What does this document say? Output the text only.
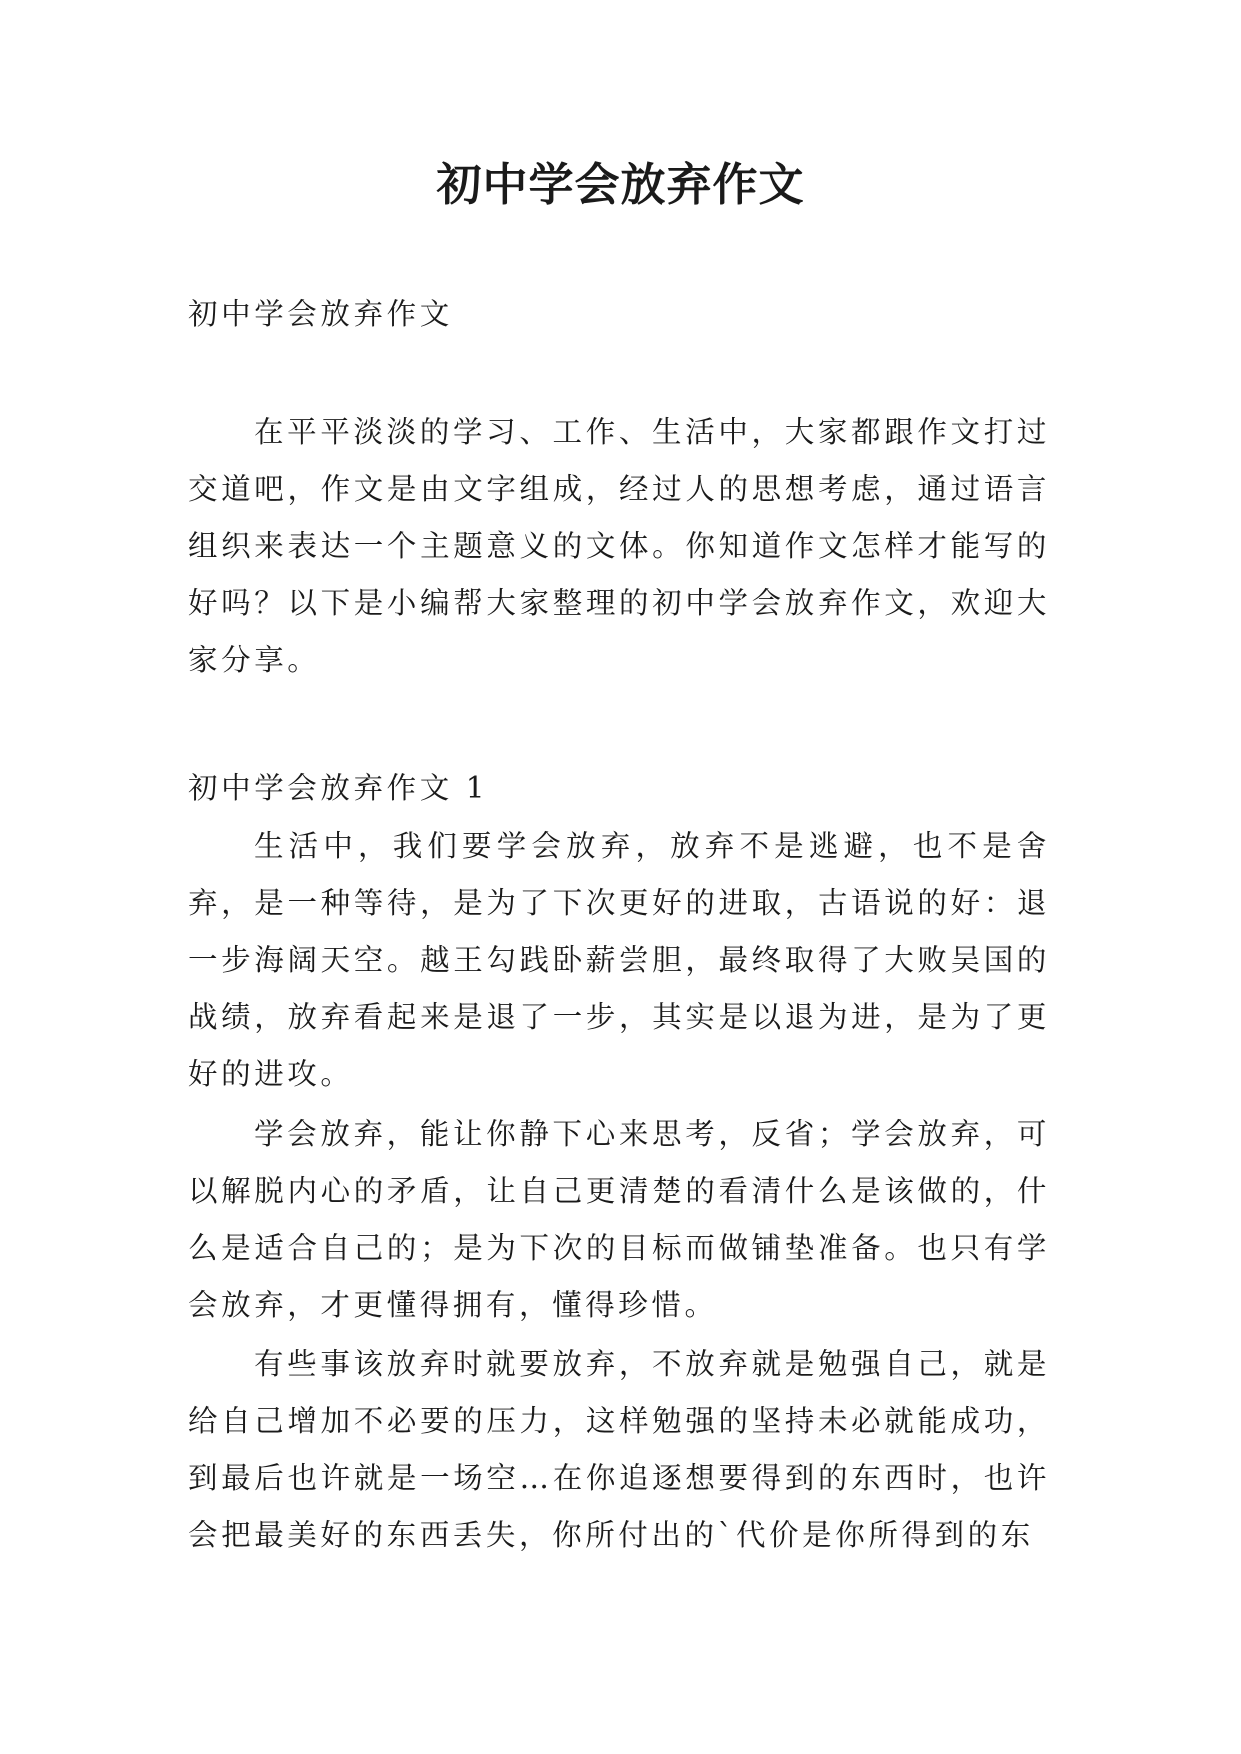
初中学会放弃作文

初中学会放弃作文

在平平淡淡的学习、工作、生活中，大家都跟作文打过交道吧，作文是由文字组成，经过人的思想考虑，通过语言组织来表达一个主题意义的文体。你知道作文怎样才能写的好吗？以下是小编帮大家整理的初中学会放弃作文，欢迎大家分享。

初中学会放弃作文 1

生活中，我们要学会放弃，放弃不是逃避，也不是舍弃，是一种等待，是为了下次更好的进取，古语说的好：退一步海阔天空。越王勾践卧薪尝胆，最终取得了大败吴国的战绩，放弃看起来是退了一步，其实是以退为进，是为了更好的进攻。

学会放弃，能让你静下心来思考，反省；学会放弃，可以解脱内心的矛盾，让自己更清楚的看清什么是该做的，什么是适合自己的；是为下次的目标而做铺垫准备。也只有学会放弃，才更懂得拥有，懂得珍惜。

有些事该放弃时就要放弃，不放弃就是勉强自己，就是给自己增加不必要的压力，这样勉强的坚持未必就能成功，到最后也许就是一场空…在你追逐想要得到的东西时，也许会把最美好的东西丢失，你所付出的`代价是你所得到的东
